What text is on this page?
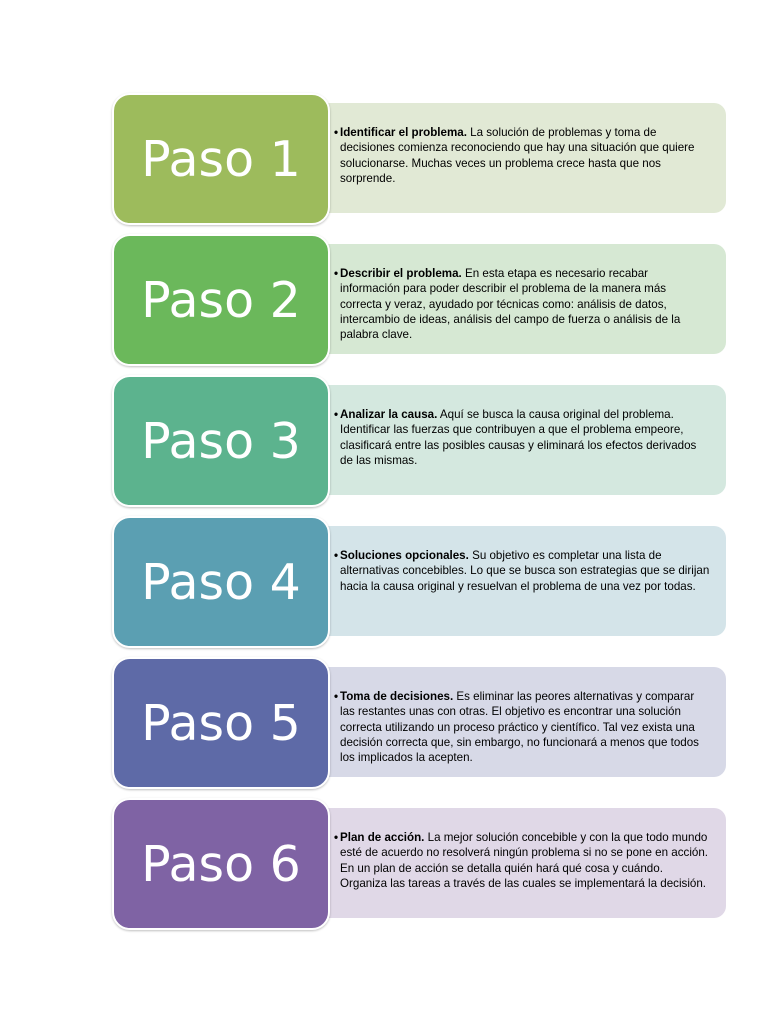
• Identificar el problema. La solución de problemas y toma de decisiones comienza reconociendo que hay una situación que quiere solucionarse. Muchas veces un problema crece hasta que nos sorprende.
Paso 1
• Describir el problema. En esta etapa es necesario recabar información para poder describir el problema de la manera más correcta y veraz, ayudado por técnicas como: análisis de datos, intercambio de ideas, análisis del campo de fuerza o análisis de la palabra clave.
Paso 2
• Analizar la causa. Aquí se busca la causa original del problema. Identificar las fuerzas que contribuyen a que el problema empeore, clasificará entre las posibles causas y eliminará los efectos derivados de las mismas.
Paso 3
• Soluciones opcionales. Su objetivo es completar una lista de alternativas concebibles. Lo que se busca son estrategias que se dirijan hacia la causa original y resuelvan el problema de una vez por todas.
Paso 4
• Toma de decisiones. Es eliminar las peores alternativas y comparar las restantes unas con otras. El objetivo es encontrar una solución correcta utilizando un proceso práctico y científico. Tal vez exista una decisión correcta que, sin embargo, no funcionará a menos que todos los implicados la acepten.
Paso 5
• Plan de acción. La mejor solución concebible y con la que todo mundo esté de acuerdo no resolverá ningún problema si no se pone en acción. En un plan de acción se detalla quién hará qué cosa y cuándo. Organiza las tareas a través de las cuales se implementará la decisión.
Paso 6
